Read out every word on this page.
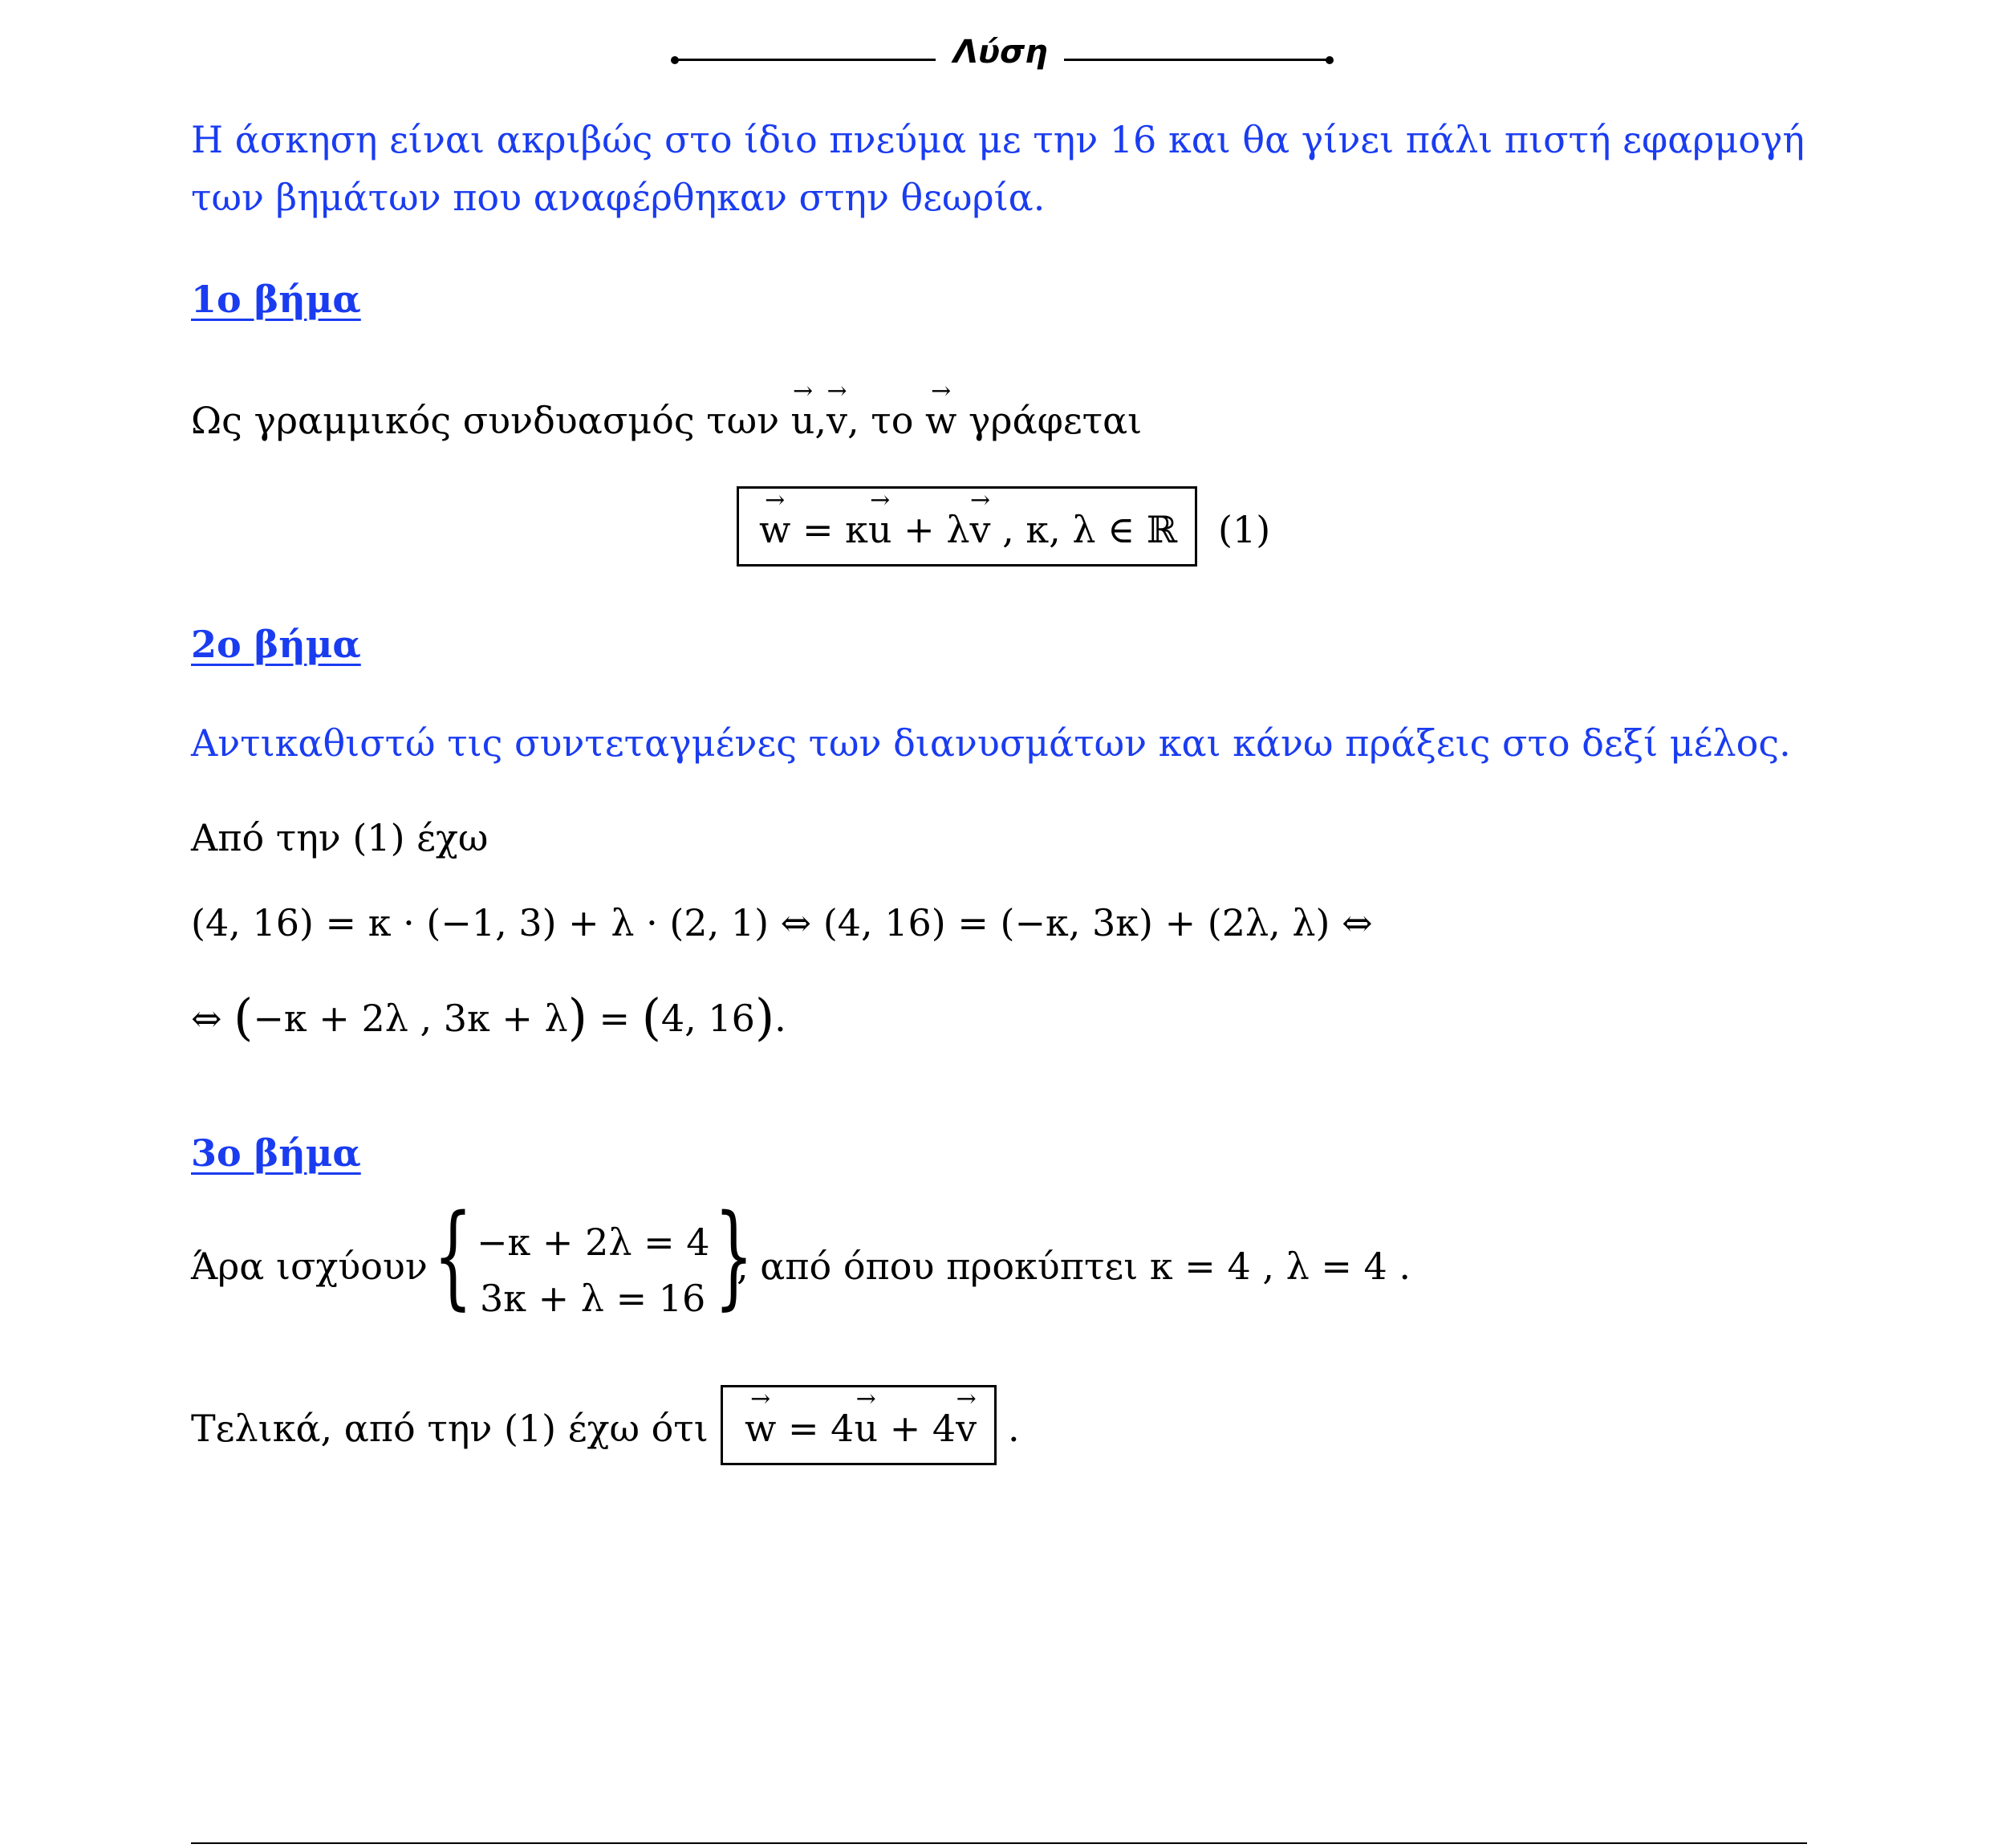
Λύση
Η άσκηση είναι ακριβώς στο ίδιο πνεύμα με την 16 και θα γίνει πάλι πιστή εφαρμογή
των βημάτων που αναφέρθηκαν στην θεωρία.
1ο βήμα
Ως γραμμικός συνδυασμός των → u,→ v, το → w γράφεται
→ w = κ→ u + λ→ v , κ, λ ∈ ℝ (1)
2ο βήμα
Αντικαθιστώ τις συντεταγμένες των διανυσμάτων και κάνω πράξεις στο δεξί μέλος.
Από την (1) έχω
(4, 16) = κ · (−1, 3) + λ · (2, 1) ⇔ (4, 16) = (−κ, 3κ) + (2λ, λ) ⇔
⇔ (−κ + 2λ , 3κ + λ) = (4, 16).
3ο βήμα
Άρα ισχύουν { −κ + 2λ = 4
3κ + λ = 16 }
, από όπου προκύπτει κ = 4 , λ = 4 .
Τελικά, από την (1) έχω ότι
→ w = 4→ u + 4→ v .
